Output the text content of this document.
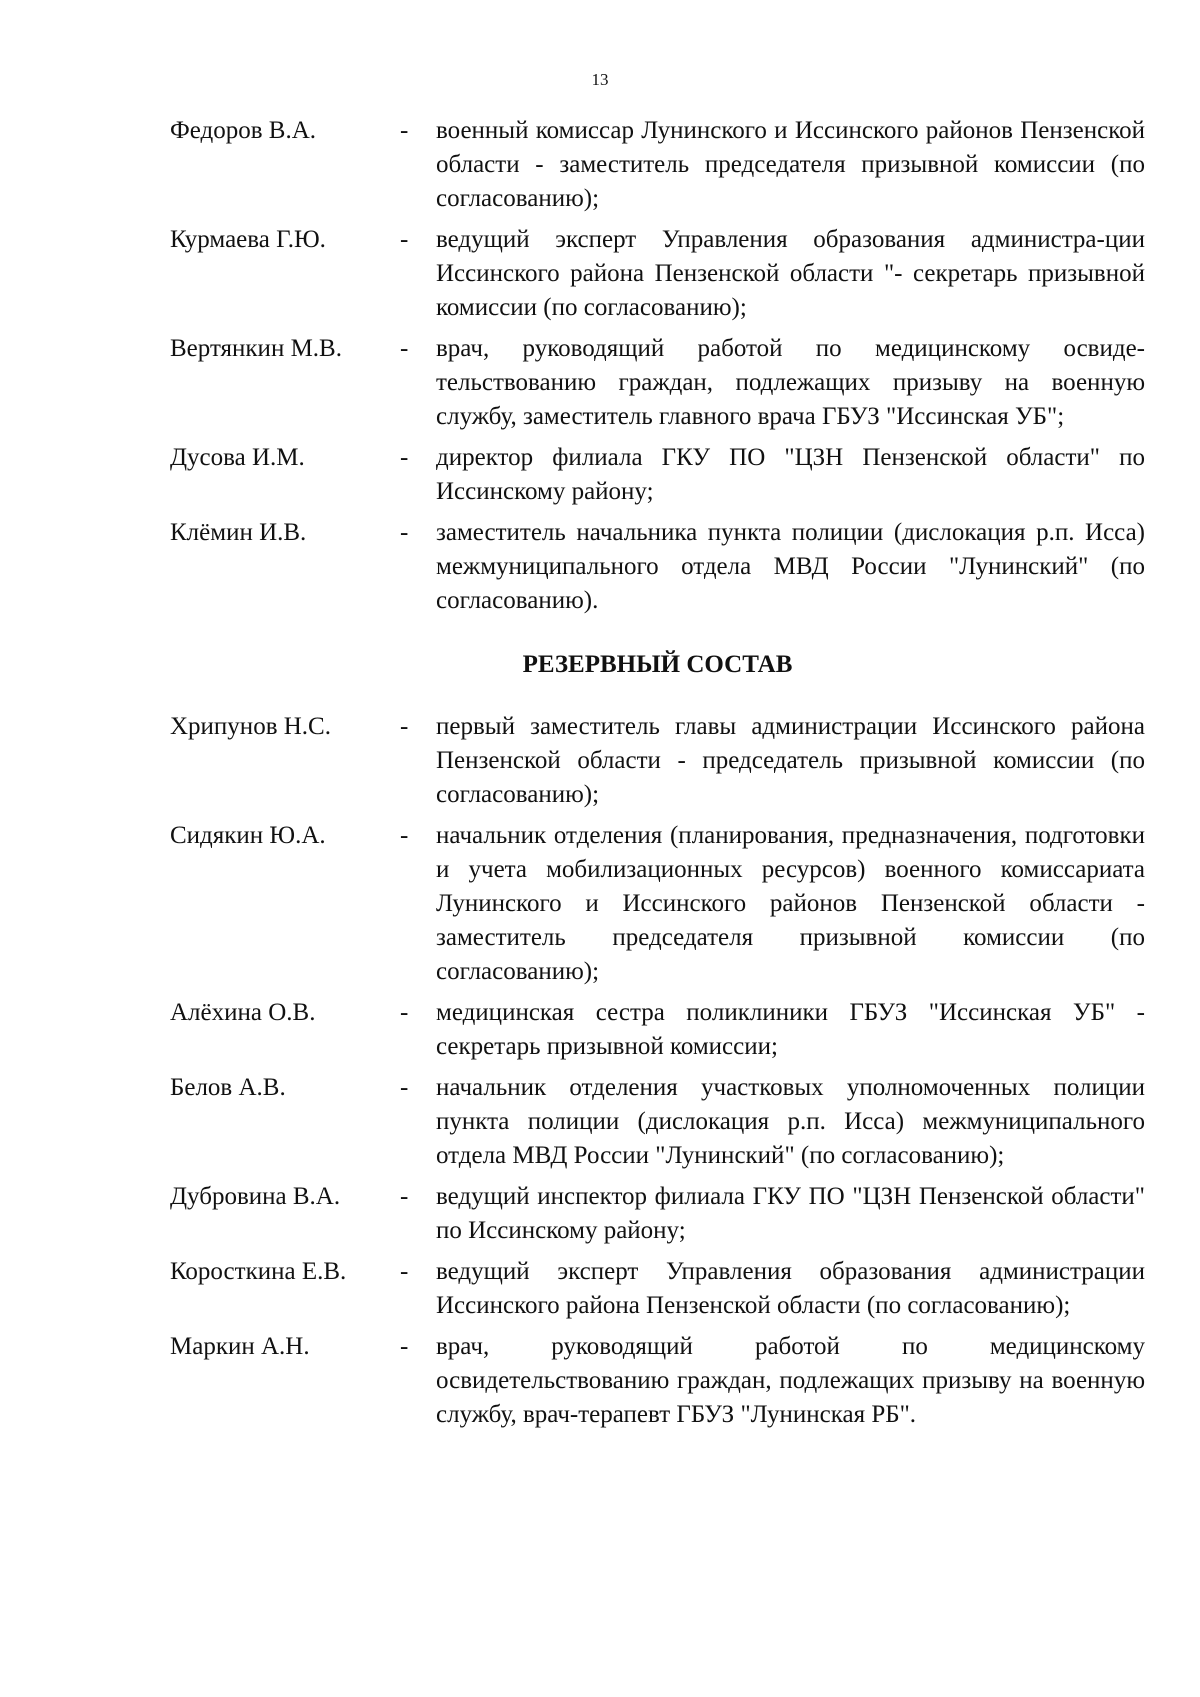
13
Федоров В.А.	-	военный комиссар Лунинского и Иссинского районов Пензенской области - заместитель председателя призывной комиссии (по согласованию);
Курмаева Г.Ю.	-	ведущий эксперт Управления образования администра-ции Иссинского района Пензенской области "- секретарь призывной комиссии (по согласованию);
Вертянкин М.В.	-	врач, руководящий работой по медицинскому освиде-тельствованию граждан, подлежащих призыву на военную службу, заместитель главного врача ГБУЗ "Иссинская УБ";
Дусова И.М.	-	директор филиала ГКУ ПО "ЦЗН Пензенской области" по Иссинскому району;
Клёмин И.В.	-	заместитель начальника пункта полиции (дислокация р.п. Исса) межмуниципального отдела МВД России "Лунинский" (по согласованию).
РЕЗЕРВНЫЙ СОСТАВ
Хрипунов Н.С.	-	первый заместитель главы администрации Иссинского района Пензенской области - председатель призывной комиссии (по согласованию);
Сидякин Ю.А.	-	начальник отделения (планирования, предназначения, подготовки и учета мобилизационных ресурсов) военного комиссариата Лунинского и Иссинского районов Пензенской области - заместитель председателя призывной комиссии (по согласованию);
Алёхина О.В.	-	медицинская сестра поликлиники ГБУЗ "Иссинская УБ" - секретарь призывной комиссии;
Белов А.В.	-	начальник отделения участковых уполномоченных полиции пункта полиции (дислокация р.п. Исса) межмуниципального отдела МВД России "Лунинский" (по согласованию);
Дубровина В.А.	-	ведущий инспектор филиала ГКУ ПО "ЦЗН Пензенской области" по Иссинскому району;
Коросткина Е.В.	-	ведущий эксперт Управления образования администрации Иссинского района Пензенской области (по согласованию);
Маркин А.Н.	-	врач, руководящий работой по медицинскому освидетельствованию граждан, подлежащих призыву на военную службу, врач-терапевт ГБУЗ "Лунинская РБ".
